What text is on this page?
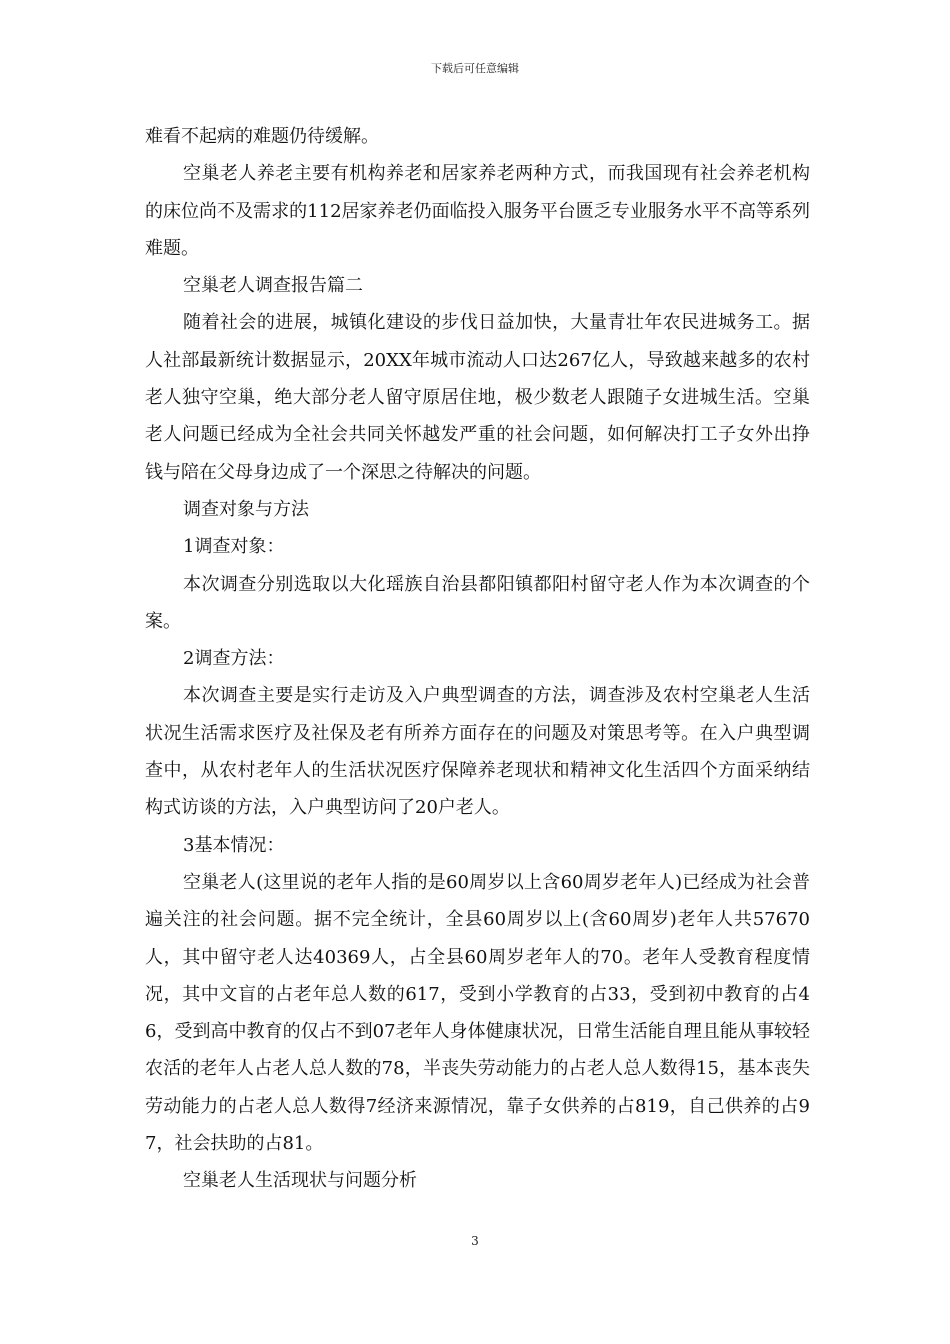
下载后可任意编辑

难看不起病的难题仍待缓解。

空巢老人养老主要有机构养老和居家养老两种方式，而我国现有社会养老机构的床位尚不及需求的112居家养老仍面临投入服务平台匮乏专业服务水平不高等系列难题。

空巢老人调查报告篇二

随着社会的进展，城镇化建设的步伐日益加快，大量青壮年农民进城务工。据人社部最新统计数据显示，20XX年城市流动人口达267亿人，导致越来越多的农村老人独守空巢，绝大部分老人留守原居住地，极少数老人跟随子女进城生活。空巢老人问题已经成为全社会共同关怀越发严重的社会问题，如何解决打工子女外出挣钱与陪在父母身边成了一个深思之待解决的问题。

调查对象与方法

1调查对象：

本次调查分别选取以大化瑶族自治县都阳镇都阳村留守老人作为本次调查的个案。

2调查方法：

本次调查主要是实行走访及入户典型调查的方法，调查涉及农村空巢老人生活状况生活需求医疗及社保及老有所养方面存在的问题及对策思考等。在入户典型调查中，从农村老年人的生活状况医疗保障养老现状和精神文化生活四个方面采纳结构式访谈的方法，入户典型访问了20户老人。

3基本情况：

空巢老人(这里说的老年人指的是60周岁以上含60周岁老年人)已经成为社会普遍关注的社会问题。据不完全统计，全县60周岁以上(含60周岁)老年人共57670人，其中留守老人达40369人，占全县60周岁老年人的70。老年人受教育程度情况，其中文盲的占老年总人数的617，受到小学教育的占33，受到初中教育的占46，受到高中教育的仅占不到07老年人身体健康状况，日常生活能自理且能从事较轻农活的老年人占老人总人数的78，半丧失劳动能力的占老人总人数得15，基本丧失劳动能力的占老人总人数得7经济来源情况，靠子女供养的占819，自己供养的占97，社会扶助的占81。

空巢老人生活现状与问题分析

3
